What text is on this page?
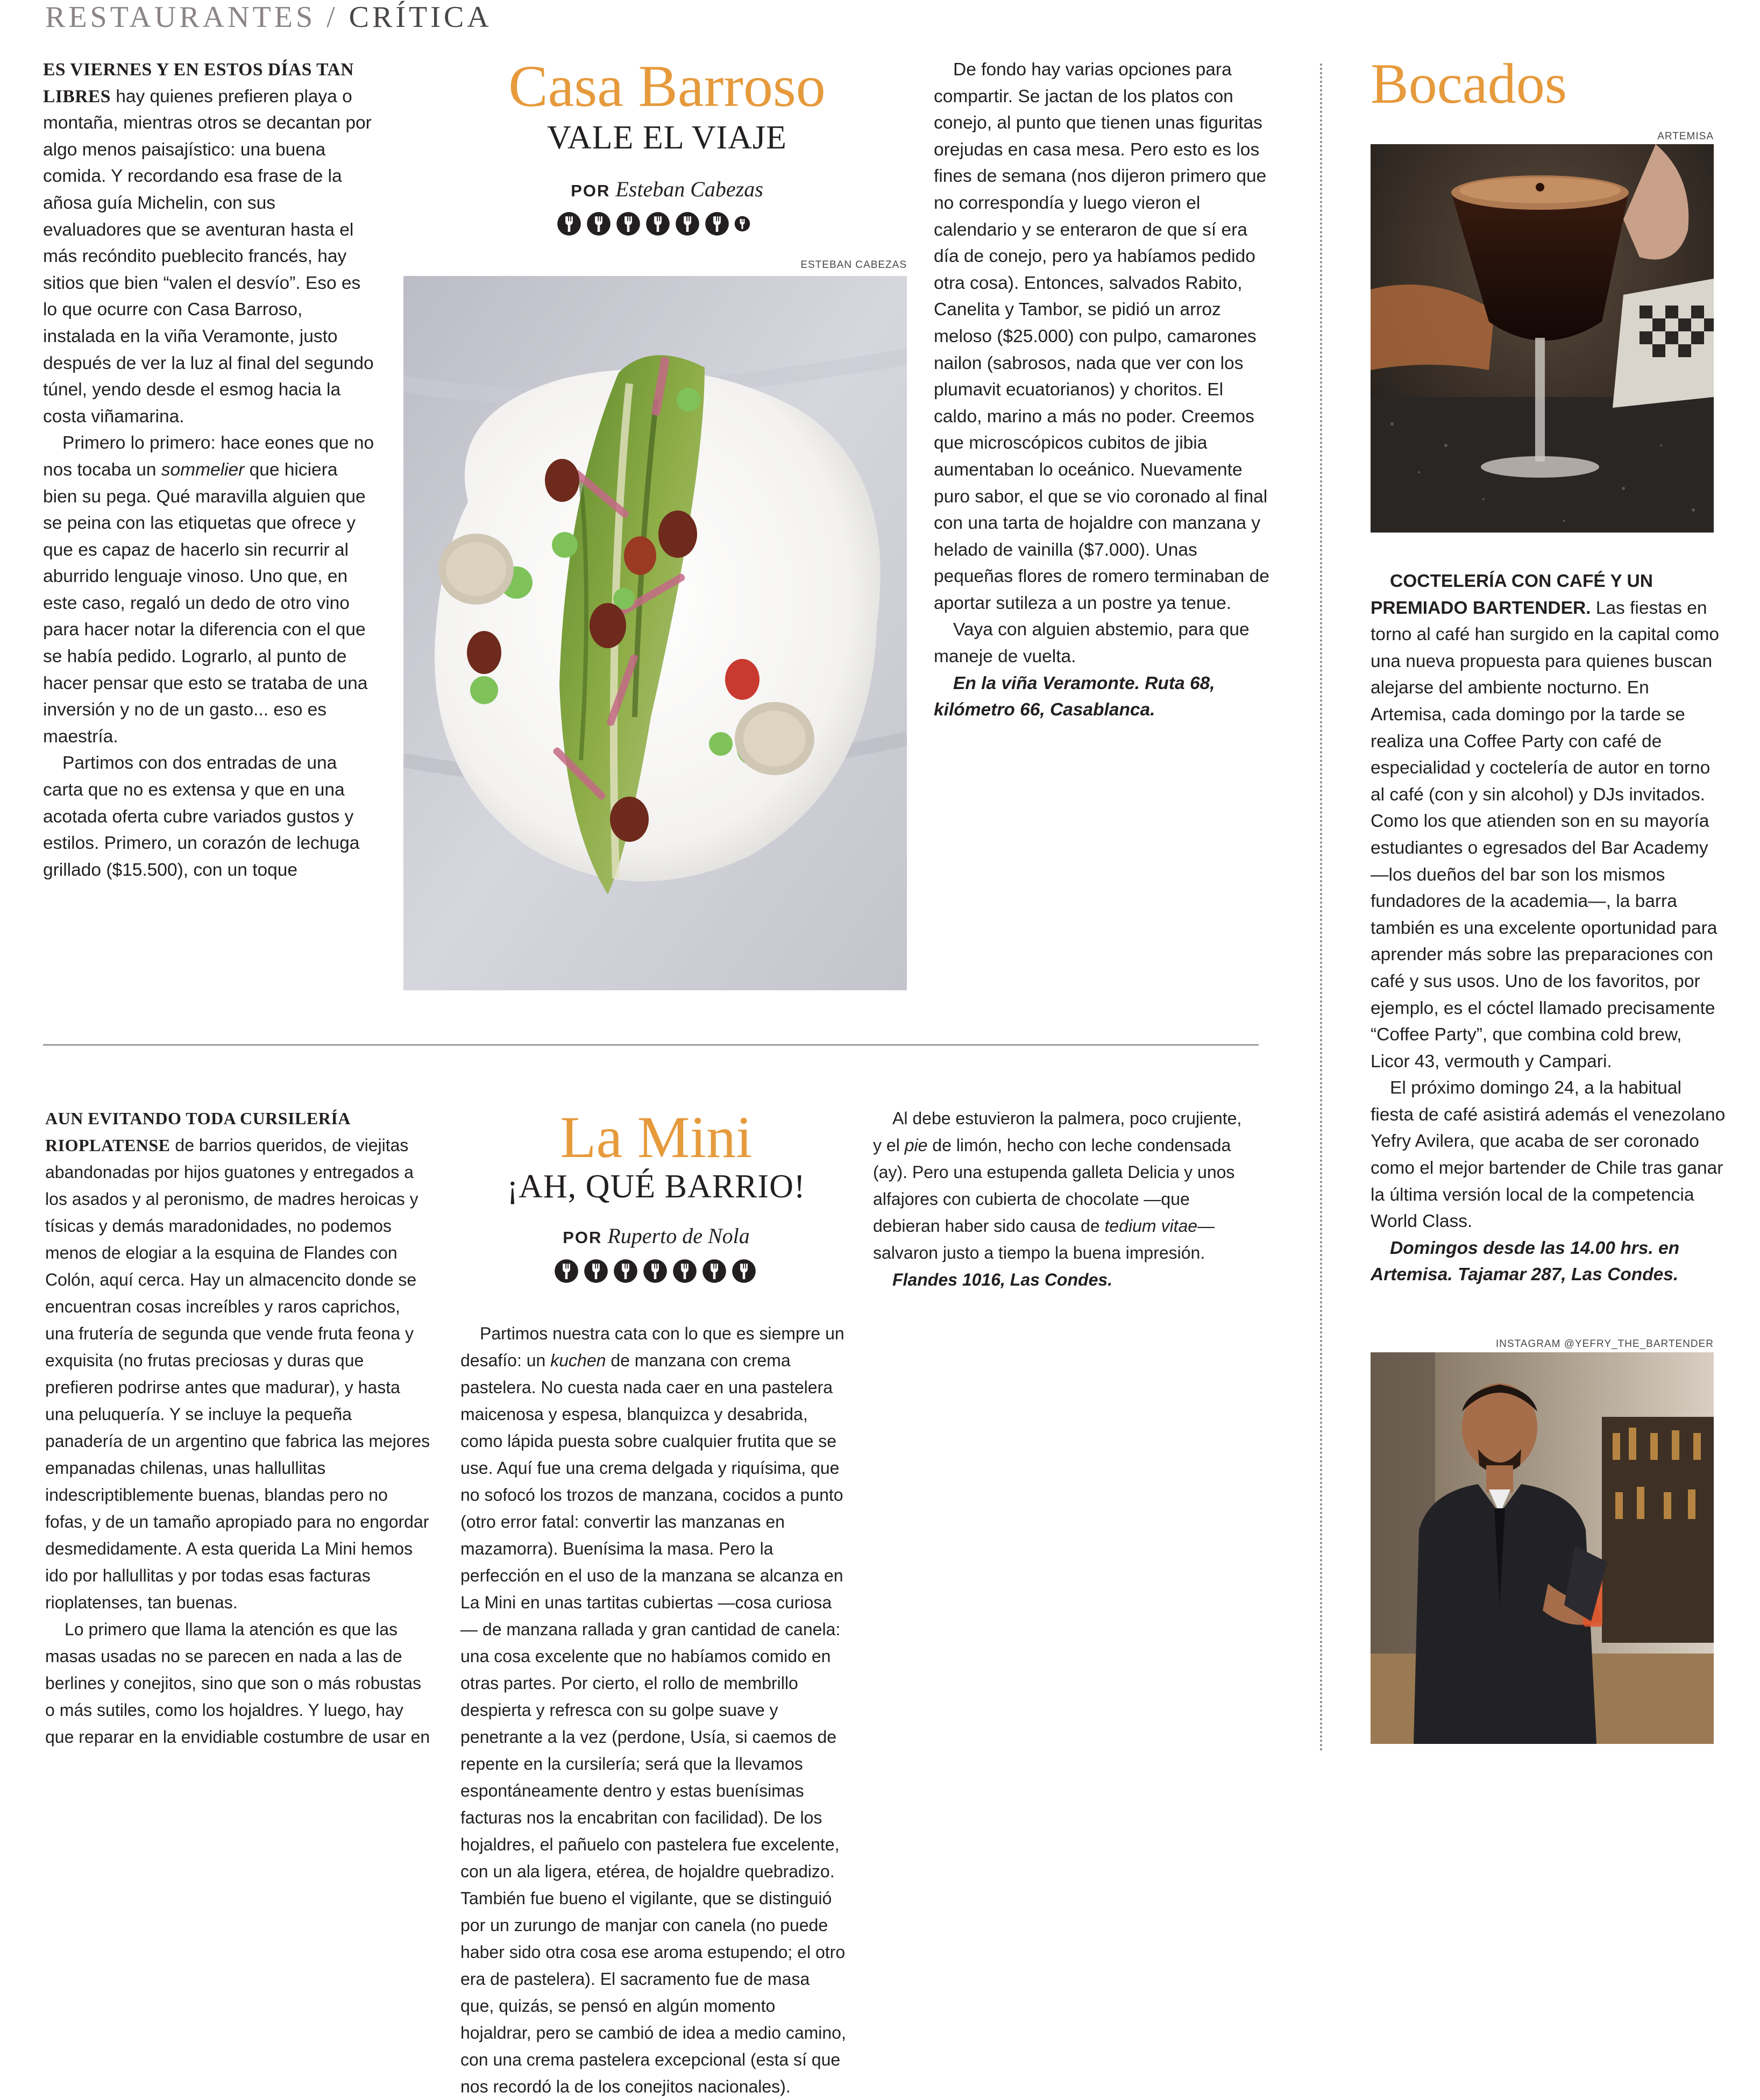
RESTAURANTES / CRÍTICA

ES VIERNES Y EN ESTOS DÍAS TAN LIBRES hay quienes prefieren playa o montaña, mientras otros se decantan por algo menos paisajístico: una buena comida. Y recordando esa frase de la añosa guía Michelin, con sus evaluadores que se aventuran hasta el más recóndito pueblecito francés, hay sitios que bien “valen el desvío”. Eso es lo que ocurre con Casa Barroso, instalada en la viña Veramonte, justo después de ver la luz al final del segundo túnel, yendo desde el esmog hacia la costa viñamarina.

Primero lo primero: hace eones que no nos tocaba un sommelier que hiciera bien su pega. Qué maravilla alguien que se peina con las etiquetas que ofrece y que es capaz de hacerlo sin recurrir al aburrido lenguaje vinoso. Uno que, en este caso, regaló un dedo de otro vino para hacer notar la diferencia con el que se había pedido. Lograrlo, al punto de hacer pensar que esto se trataba de una inversión y no de un gasto... eso es maestría.

Partimos con dos entradas de una carta que no es extensa y que en una acotada oferta cubre variados gustos y estilos. Primero, un corazón de lechuga grillado ($15.500), con un toque

Casa Barroso
VALE EL VIAJE
POR Esteban Cabezas
ESTEBAN CABEZAS

De fondo hay varias opciones para compartir. Se jactan de los platos con conejo, al punto que tienen unas figuritas orejudas en casa mesa. Pero esto es los fines de semana (nos dijeron primero que no correspondía y luego vieron el calendario y se enteraron de que sí era día de conejo, pero ya habíamos pedido otra cosa). Entonces, salvados Rabito, Canelita y Tambor, se pidió un arroz meloso ($25.000) con pulpo, camarones nailon (sabrosos, nada que ver con los plumavit ecuatorianos) y choritos. El caldo, marino a más no poder. Creemos que microscópicos cubitos de jibia aumentaban lo oceánico. Nuevamente puro sabor, el que se vio coronado al final con una tarta de hojaldre con manzana y helado de vainilla ($7.000). Unas pequeñas flores de romero terminaban de aportar sutileza a un postre ya tenue.

Vaya con alguien abstemio, para que maneje de vuelta.

En la viña Veramonte. Ruta 68, kilómetro 66, Casablanca.

AUN EVITANDO TODA CURSILERÍA RIOPLATENSE de barrios queridos, de viejitas abandonadas por hijos guatones y entregados a los asados y al peronismo, de madres heroicas y tísicas y demás maradonidades, no podemos menos de elogiar a la esquina de Flandes con Colón, aquí cerca. Hay un almacencito donde se encuentran cosas increíbles y raros caprichos, una frutería de segunda que vende fruta feona y exquisita (no frutas preciosas y duras que prefieren podrirse antes que madurar), y hasta una peluquería. Y se incluye la pequeña panadería de un argentino que fabrica las mejores empanadas chilenas, unas hallullitas indescriptiblemente buenas, blandas pero no fofas, y de un tamaño apropiado para no engordar desmedidamente. A esta querida La Mini hemos ido por hallullitas y por todas esas facturas rioplatenses, tan buenas.

Lo primero que llama la atención es que las masas usadas no se parecen en nada a las de berlines y conejitos, sino que son o más robustas o más sutiles, como los hojaldres. Y luego, hay que reparar en la envidiable costumbre de usar en

La Mini
¡AH, QUÉ BARRIO!
POR Ruperto de Nola

Partimos nuestra cata con lo que es siempre un desafío: un kuchen de manzana con crema pastelera. No cuesta nada caer en una pastelera maicenosa y espesa, blanquizca y desabrida, como lápida puesta sobre cualquier frutita que se use. Aquí fue una crema delgada y riquísima, que no sofocó los trozos de manzana, cocidos a punto (otro error fatal: convertir las manzanas en mazamorra). Buenísima la masa. Pero la perfección en el uso de la manzana se alcanza en La Mini en unas tartitas cubiertas —cosa curiosa— de manzana rallada y gran cantidad de canela: una cosa excelente que no habíamos comido en otras partes. Por cierto, el rollo de membrillo despierta y refresca con su golpe suave y penetrante a la vez (perdone, Usía, si caemos de repente en la cursilería; será que la llevamos espontáneamente dentro y estas buenísimas facturas nos la encabritan con facilidad). De los hojaldres, el pañuelo con pastelera fue excelente, con un ala ligera, etérea, de hojaldre quebradizo. También fue bueno el vigilante, que se distinguió por un zurungo de manjar con canela (no puede haber sido otra cosa ese aroma estupendo; el otro era de pastelera). El sacramento fue de masa que, quizás, se pensó en algún momento hojaldrar, pero se cambió de idea a medio camino, con una crema pastelera excepcional (esta sí que nos recordó la de los conejitos nacionales).

Al debe estuvieron la palmera, poco crujiente, y el pie de limón, hecho con leche condensada (ay). Pero una estupenda galleta Delicia y unos alfajores con cubierta de chocolate —que debieran haber sido causa de tedium vitae— salvaron justo a tiempo la buena impresión.

Flandes 1016, Las Condes.

Bocados
ARTEMISA

COCTELERÍA CON CAFÉ Y UN PREMIADO BARTENDER. Las fiestas en torno al café han surgido en la capital como una nueva propuesta para quienes buscan alejarse del ambiente nocturno. En Artemisa, cada domingo por la tarde se realiza una Coffee Party con café de especialidad y coctelería de autor en torno al café (con y sin alcohol) y DJs invitados. Como los que atienden son en su mayoría estudiantes o egresados del Bar Academy —los dueños del bar son los mismos fundadores de la academia—, la barra también es una excelente oportunidad para aprender más sobre las preparaciones con café y sus usos. Uno de los favoritos, por ejemplo, es el cóctel llamado precisamente “Coffee Party”, que combina cold brew, Licor 43, vermouth y Campari.

El próximo domingo 24, a la habitual fiesta de café asistirá además el venezolano Yefry Avilera, que acaba de ser coronado como el mejor bartender de Chile tras ganar la última versión local de la competencia World Class.

Domingos desde las 14.00 hrs. en Artemisa. Tajamar 287, Las Condes.

INSTAGRAM @YEFRY_THE_BARTENDER
